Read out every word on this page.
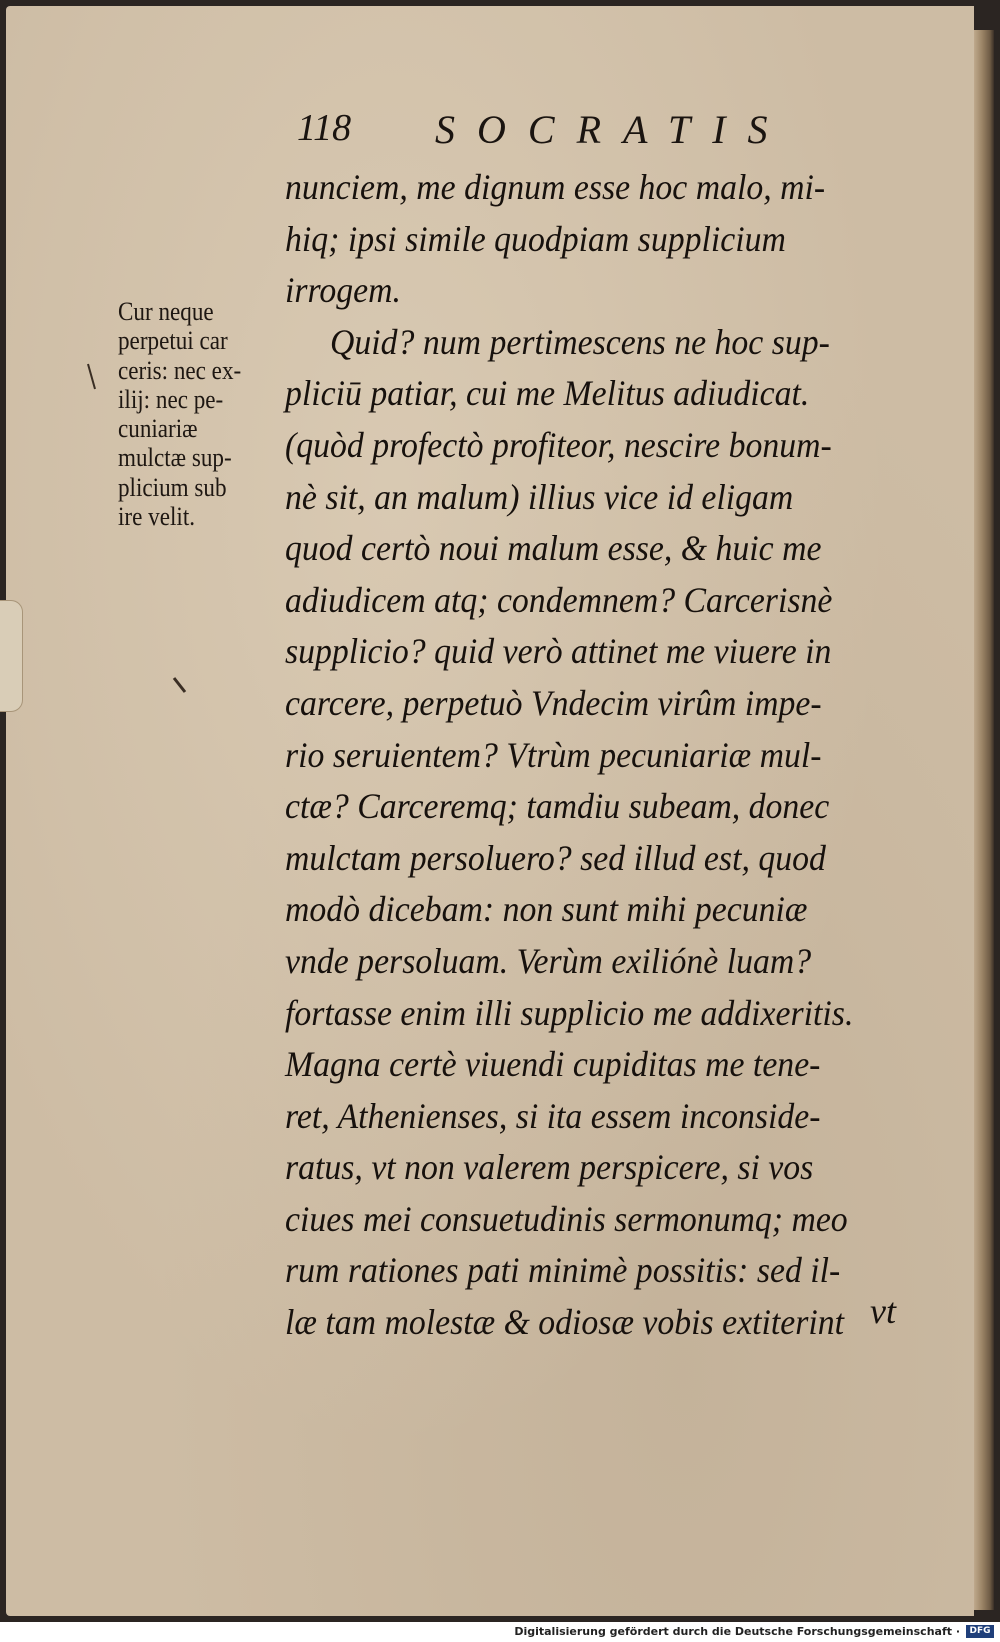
118 SOCRATIS
Cur neque
perpetui car
ceris: nec ex-
ilij: nec pe-
cuniariæ
mulctæ sup-
plicium sub
ire velit.
nunciem, me dignum esse hoc malo, mi-
hiq; ipsi simile quodpiam supplicium
irrogem.
Quid? num pertimescens ne hoc sup-
pliciū patiar, cui me Melitus adiudicat.
(quòd profectò profiteor, nescire bonum-
nè sit, an malum) illius vice id eligam
quod certò noui malum esse, & huic me
adiudicem atq; condemnem? Carcerisnè
supplicio? quid verò attinet me viuere in
carcere, perpetuò Vndecim virûm impe-
rio seruientem? Vtrùm pecuniariæ mul-
ctæ? Carceremq; tamdiu subeam, donec
mulctam persoluero? sed illud est, quod
modò dicebam: non sunt mihi pecuniæ
vnde persoluam. Verùm exiliónè luam?
fortasse enim illi supplicio me addixeritis.
Magna certè viuendi cupiditas me tene-
ret, Athenienses, si ita essem inconside-
ratus, vt non valerem perspicere, si vos
ciues mei consuetudinis sermonumq; meo
rum rationes pati minimè possitis: sed il-
læ tam molestæ & odiosæ vobis extiterint vt
Digitalisierung gefördert durch die Deutsche Forschungsgemeinschaft ·	DFG
